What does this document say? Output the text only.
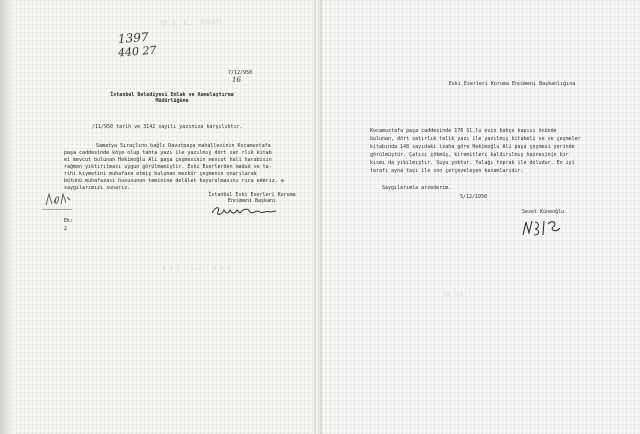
D.L.L. Aban
8 4 2 , & 2 - 4 & 9 ,
1397
440 27
7/12/950
16
İstanbul Belediyesi Emlak ve Kamulaştırma
Müdürlüğüne
/11/950 tarih ve 3142 sayılı yazınıza karşılıktır.
Samatya Sıraçlıno bağlı Davutpaşa mahallesinin Kocamustafa
paşa caddesinde köşe olup tahta yazı ile yazılmış dört sat rlık kitab
ei mevcut bulunan Hekimoğlu Ali paşa çeşmesinin mevcut hali harabisin
rağmen yıktırılması uygun görülmemiştir. Eski Eserlerden madud ve ta-
rihi kıymetini muhafaza etmiş bulunan mezkür çeşmenin onarılarak
bütünü muhafazası hususunun teminine delâlet buyurulmasını rica ederiz. a
saygılarımızı sunarız.
İstanbul Eski Eserleri Koruma
Encümeni Başkanı
Ek:
2
19 SS .
Eski Eserleri Koruma Encümeni Başkanlığına
Kocamustafa paşa caddesinde 176 Sl.lu evin bahçe kapısı önünde
bulunan, dört satırlık talik yazı ile yazılmış kitabeli ve ve çeşmeler
kitabında 148 sayıdaki izaha göre Hekimoğlu Ali paşa çeşmesi yerinde
görülmüştür. Çatısı çökmüş, kiremitleri kaldırılmış haznesinin bir
kısmı da yıkılmıştır. Suyu yoktur. Yalağı toprak ile doludur. En iyi
tarafı ayna taşı ile son çerçeveleyen kasamlarıdır.
Saygılarımla arzederim.
5/12/1950
Sezet Küneoğlu
